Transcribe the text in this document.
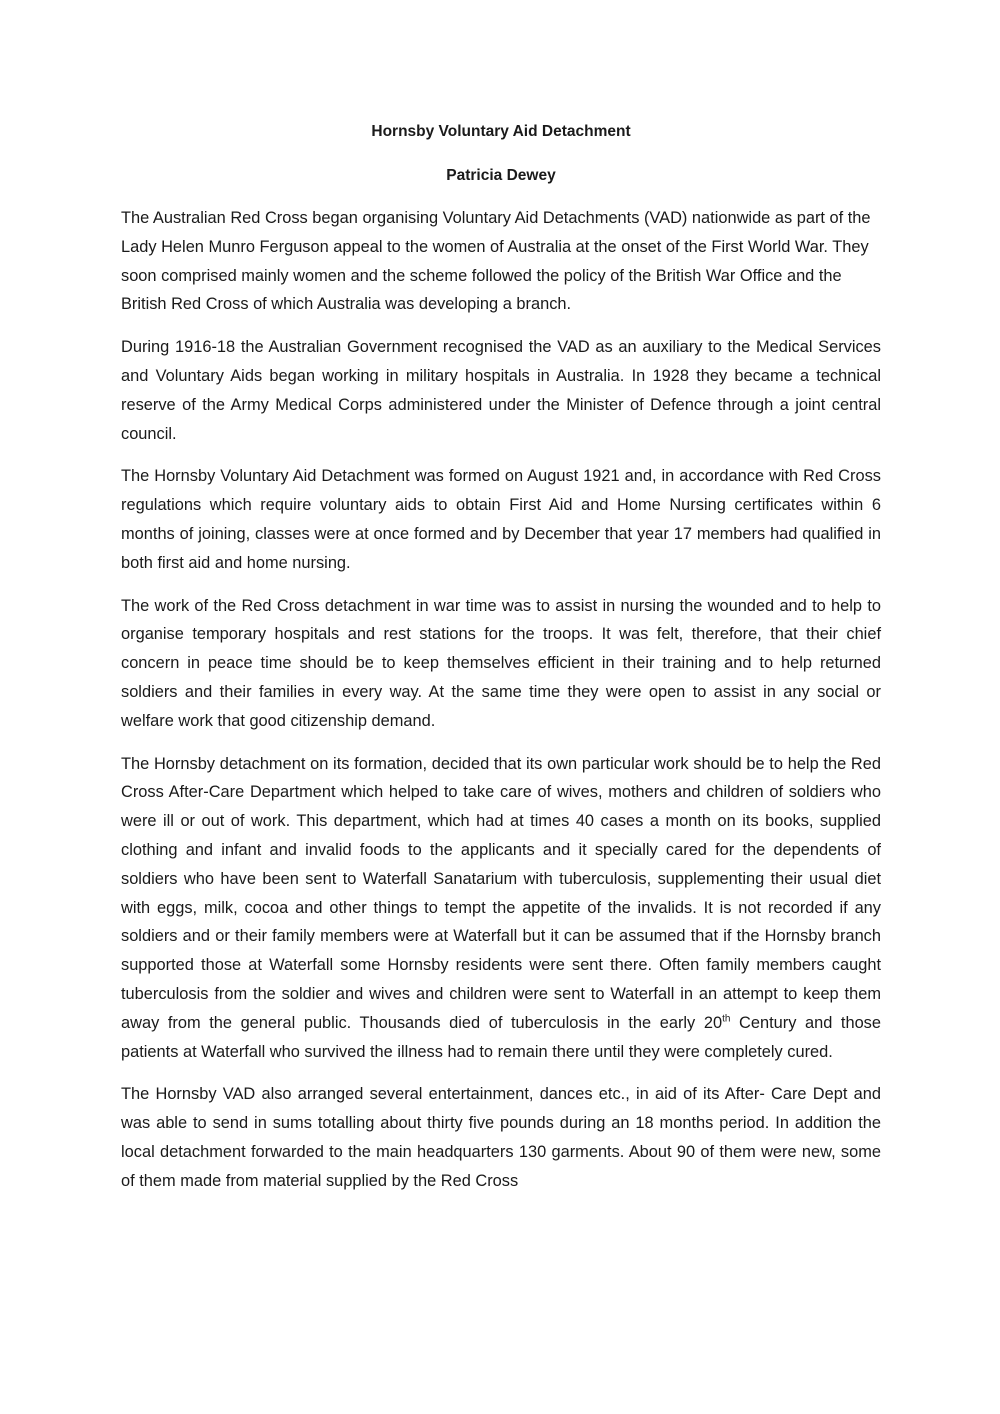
Hornsby Voluntary Aid Detachment

Patricia Dewey

The Australian Red Cross began organising Voluntary Aid Detachments (VAD) nationwide as part of the Lady Helen Munro Ferguson appeal to the women of Australia at the onset of the First World War. They soon comprised mainly women and the scheme followed the policy of the British War Office and the British Red Cross of which Australia was developing a branch.

During 1916-18 the Australian Government recognised the VAD as an auxiliary to the Medical Services and Voluntary Aids began working in military hospitals in Australia. In 1928 they became a technical reserve of the Army Medical Corps administered under the Minister of Defence through a joint central council.

The Hornsby Voluntary Aid Detachment was formed on August 1921 and, in accordance with Red Cross regulations which require voluntary aids to obtain First Aid and Home Nursing certificates within 6 months of joining, classes were at once formed and by December that year 17 members had qualified in both first aid and home nursing.

The work of the Red Cross detachment in war time was to assist in nursing the wounded and to help to organise temporary hospitals and rest stations for the troops. It was felt, therefore, that their chief concern in peace time should be to keep themselves efficient in their training and to help returned soldiers and their families in every way. At the same time they were open to assist in any social or welfare work that good citizenship demand.

The Hornsby detachment on its formation, decided that its own particular work should be to help the Red Cross After-Care Department which helped to take care of wives, mothers and children of soldiers who were ill or out of work. This department, which had at times 40 cases a month on its books, supplied clothing and infant and invalid foods to the applicants and it specially cared for the dependents of soldiers who have been sent to Waterfall Sanatarium with tuberculosis, supplementing their usual diet with eggs, milk, cocoa and other things to tempt the appetite of the invalids. It is not recorded if any soldiers and or their family members were at Waterfall but it can be assumed that if the Hornsby branch supported those at Waterfall some Hornsby residents were sent there. Often family members caught tuberculosis from the soldier and wives and children were sent to Waterfall in an attempt to keep them away from the general public. Thousands died of tuberculosis in the early 20th Century and those patients at Waterfall who survived the illness had to remain there until they were completely cured.

The Hornsby VAD also arranged several entertainment, dances etc., in aid of its After- Care Dept and was able to send in sums totalling about thirty five pounds during an 18 months period. In addition the local detachment forwarded to the main headquarters 130 garments. About 90 of them were new, some of them made from material supplied by the Red Cross
